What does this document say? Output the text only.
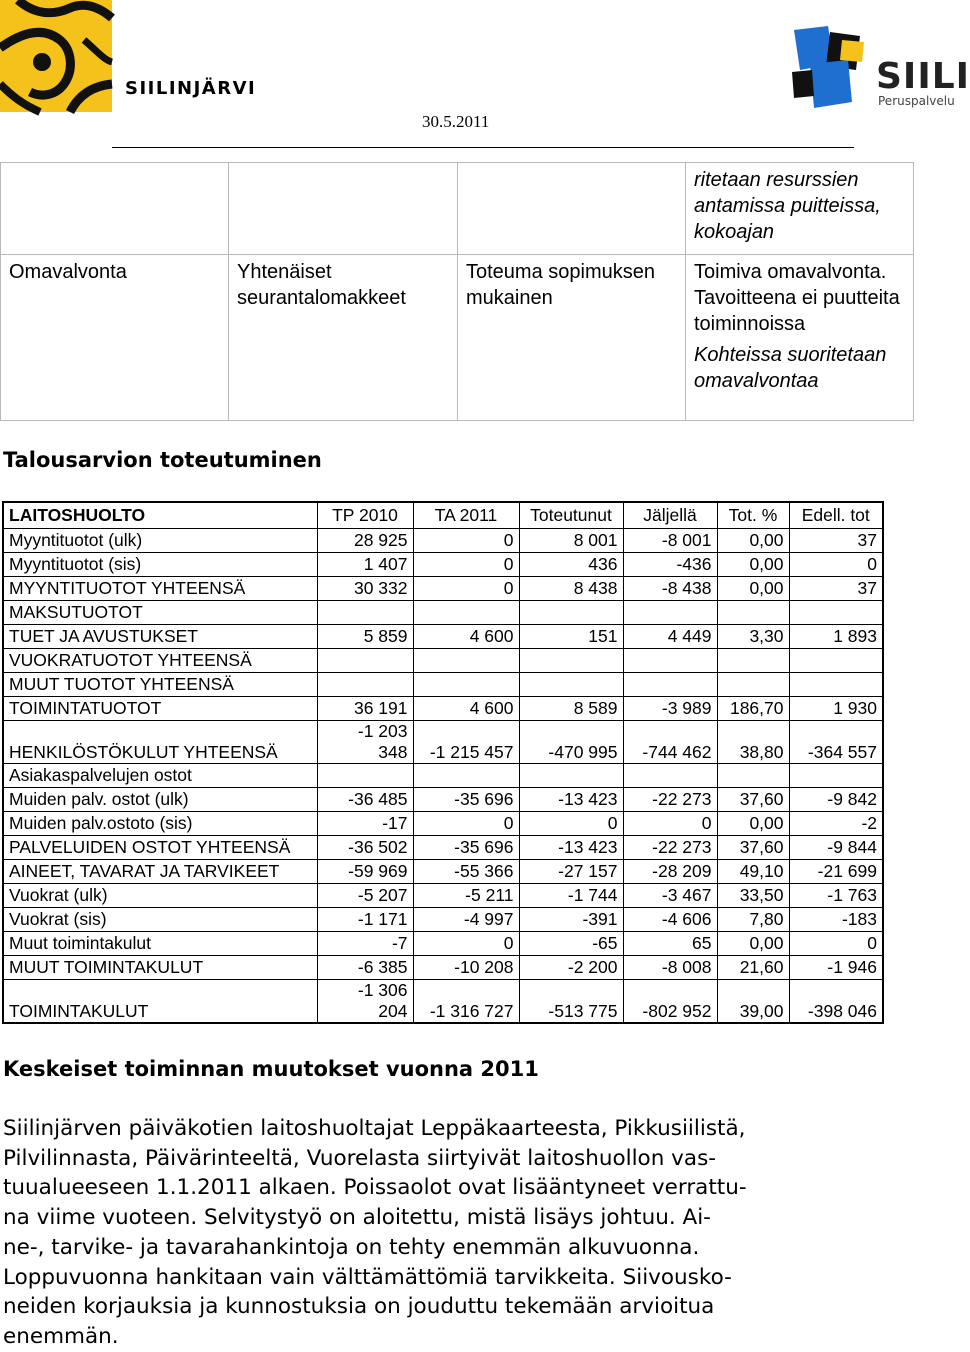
SIILINJÄRVI
30.5.2011
SIILI
Peruspalvelu
			ritetaan resurssien antamissa puitteissa, kokoajan
Omavalvonta	Yhtenäiset seurantalomakkeet	Toteuma sopimuksen mukainen	Toimiva omavalvonta. Tavoitteena ei puutteita toiminnoissa

Kohteissa suoritetaan omavalvontaa

Talousarvion toteutuminen
LAITOSHUOLTO	TP 2010	TA 2011	Toteutunut	Jäljellä	Tot. %	Edell. tot
Myyntituotot (ulk)	28 925	0	8 001	-8 001	0,00	37
Myyntituotot (sis)	1 407	0	436	-436	0,00	0
MYYNTITUOTOT YHTEENSÄ	30 332	0	8 438	-8 438	0,00	37
MAKSUTUOTOT						
TUET JA AVUSTUKSET	5 859	4 600	151	4 449	3,30	1 893
VUOKRATUOTOT YHTEENSÄ						
MUUT TUOTOT YHTEENSÄ						
TOIMINTATUOTOT	36 191	4 600	8 589	-3 989	186,70	1 930
HENKILÖSTÖKULUT YHTEENSÄ	-1 203 348	-1 215 457	-470 995	-744 462	38,80	-364 557
Asiakaspalvelujen ostot						
Muiden palv. ostot (ulk)	-36 485	-35 696	-13 423	-22 273	37,60	-9 842
Muiden palv.ostoto (sis)	-17	0	0	0	0,00	-2
PALVELUIDEN OSTOT YHTEENSÄ	-36 502	-35 696	-13 423	-22 273	37,60	-9 844
AINEET, TAVARAT JA TARVIKEET	-59 969	-55 366	-27 157	-28 209	49,10	-21 699
Vuokrat (ulk)	-5 207	-5 211	-1 744	-3 467	33,50	-1 763
Vuokrat (sis)	-1 171	-4 997	-391	-4 606	7,80	-183
Muut toimintakulut	-7	0	-65	65	0,00	0
MUUT TOIMINTAKULUT	-6 385	-10 208	-2 200	-8 008	21,60	-1 946
TOIMINTAKULUT	-1 306 204	-1 316 727	-513 775	-802 952	39,00	-398 046
Keskeiset toiminnan muutokset vuonna 2011
Siilinjärven päiväkotien laitoshuoltajat Leppäkaarteesta, Pikkusiilistä,
Pilvilinnasta, Päivärinteeltä, Vuorelasta siirtyivät laitoshuollon vas-
tuualueeseen 1.1.2011 alkaen. Poissaolot ovat lisääntyneet verrattu-
na viime vuoteen. Selvitystyö on aloitettu, mistä lisäys johtuu. Ai-
ne-, tarvike- ja tavarahankintoja on tehty enemmän alkuvuonna.
Loppuvuonna hankitaan vain välttämättömiä tarvikkeita. Siivousko-
neiden korjauksia ja kunnostuksia on jouduttu tekemään arvioitua
enemmän.
